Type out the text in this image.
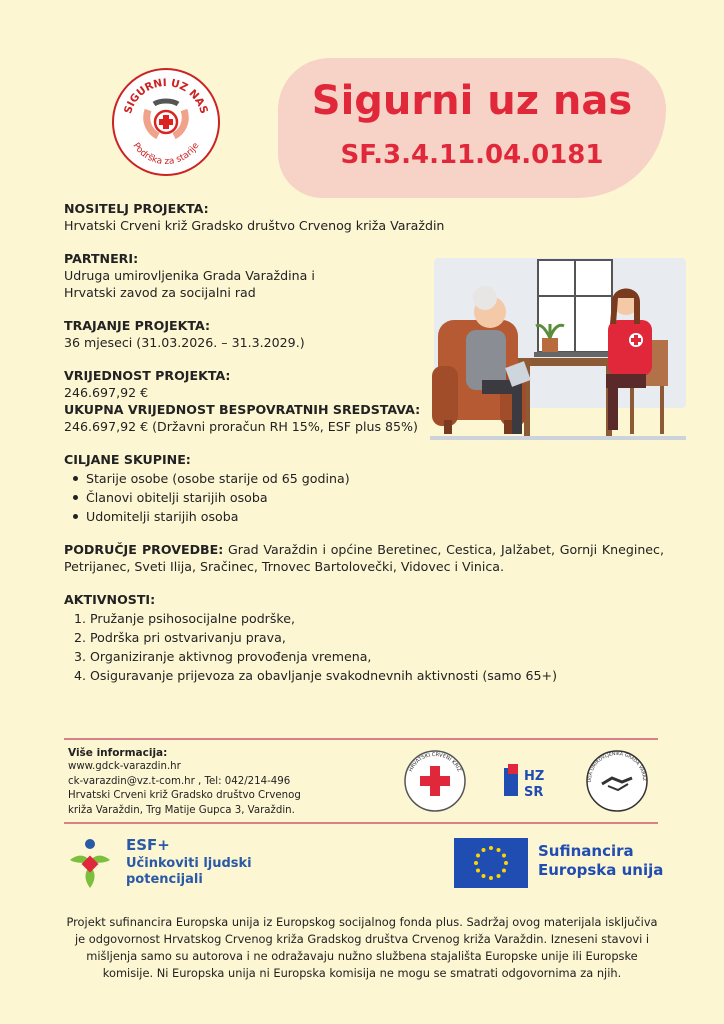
SIGURNI UZ NAS
Podrška za starije
Sigurni uz nas
SF.3.4.11.04.0181
NOSITELJ PROJEKTA:
Hrvatski Crveni križ Gradsko društvo Crvenog križa Varaždin
PARTNERI:
Udruga umirovljenika Grada Varaždina i
Hrvatski zavod za socijalni rad
TRAJANJE PROJEKTA:
36 mjeseci (31.03.2026. – 31.3.2029.)
VRIJEDNOST PROJEKTA:
246.697,92 €
UKUPNA VRIJEDNOST BESPOVRATNIH SREDSTAVA:
246.697,92 € (Državni proračun RH 15%, ESF plus 85%)
CILJANE SKUPINE:
Starije osobe (osobe starije od 65 godina)
Članovi obitelji starijih osoba
Udomitelji starijih osoba
PODRUČJE PROVEDBE: Grad Varaždin i općine Beretinec, Cestica, Jalžabet, Gornji Kneginec, Petrijanec, Sveti Ilija, Sračinec, Trnovec Bartolovečki, Vidovec i Vinica.
AKTIVNOSTI:
1. Pružanje psihosocijalne podrške,
2. Podrška pri ostvarivanju prava,
3. Organiziranje aktivnog provođenja vremena,
4. Osiguravanje prijevoza za obavljanje svakodnevnih aktivnosti (samo 65+)
Više informacija:
www.gdck-varazdin.hr
ck-varazdin@vz.t-com.hr , Tel: 042/214-496
Hrvatski Crveni križ Gradsko društvo Crvenog
križa Varaždin, Trg Matije Gupca 3, Varaždin.
HRVATSKI CRVENI KRIŽ	HZ
SR
UGA UMIROVLJENIKA GRADA VARAŽ
ESF+
Učinkoviti ljudski
potencijali
Sufinancira
Europska unija
Projekt sufinancira Europska unija iz Europskog socijalnog fonda plus. Sadržaj ovog materijala isključiva je odgovornost Hrvatskog Crvenog križa Gradskog društva Crvenog križa Varaždin. Izneseni stavovi i mišljenja samo su autorova i ne odražavaju nužno službena stajališta Europske unije ili Europske komisije. Ni Europska unija ni Europska komisija ne mogu se smatrati odgovornima za njih.
